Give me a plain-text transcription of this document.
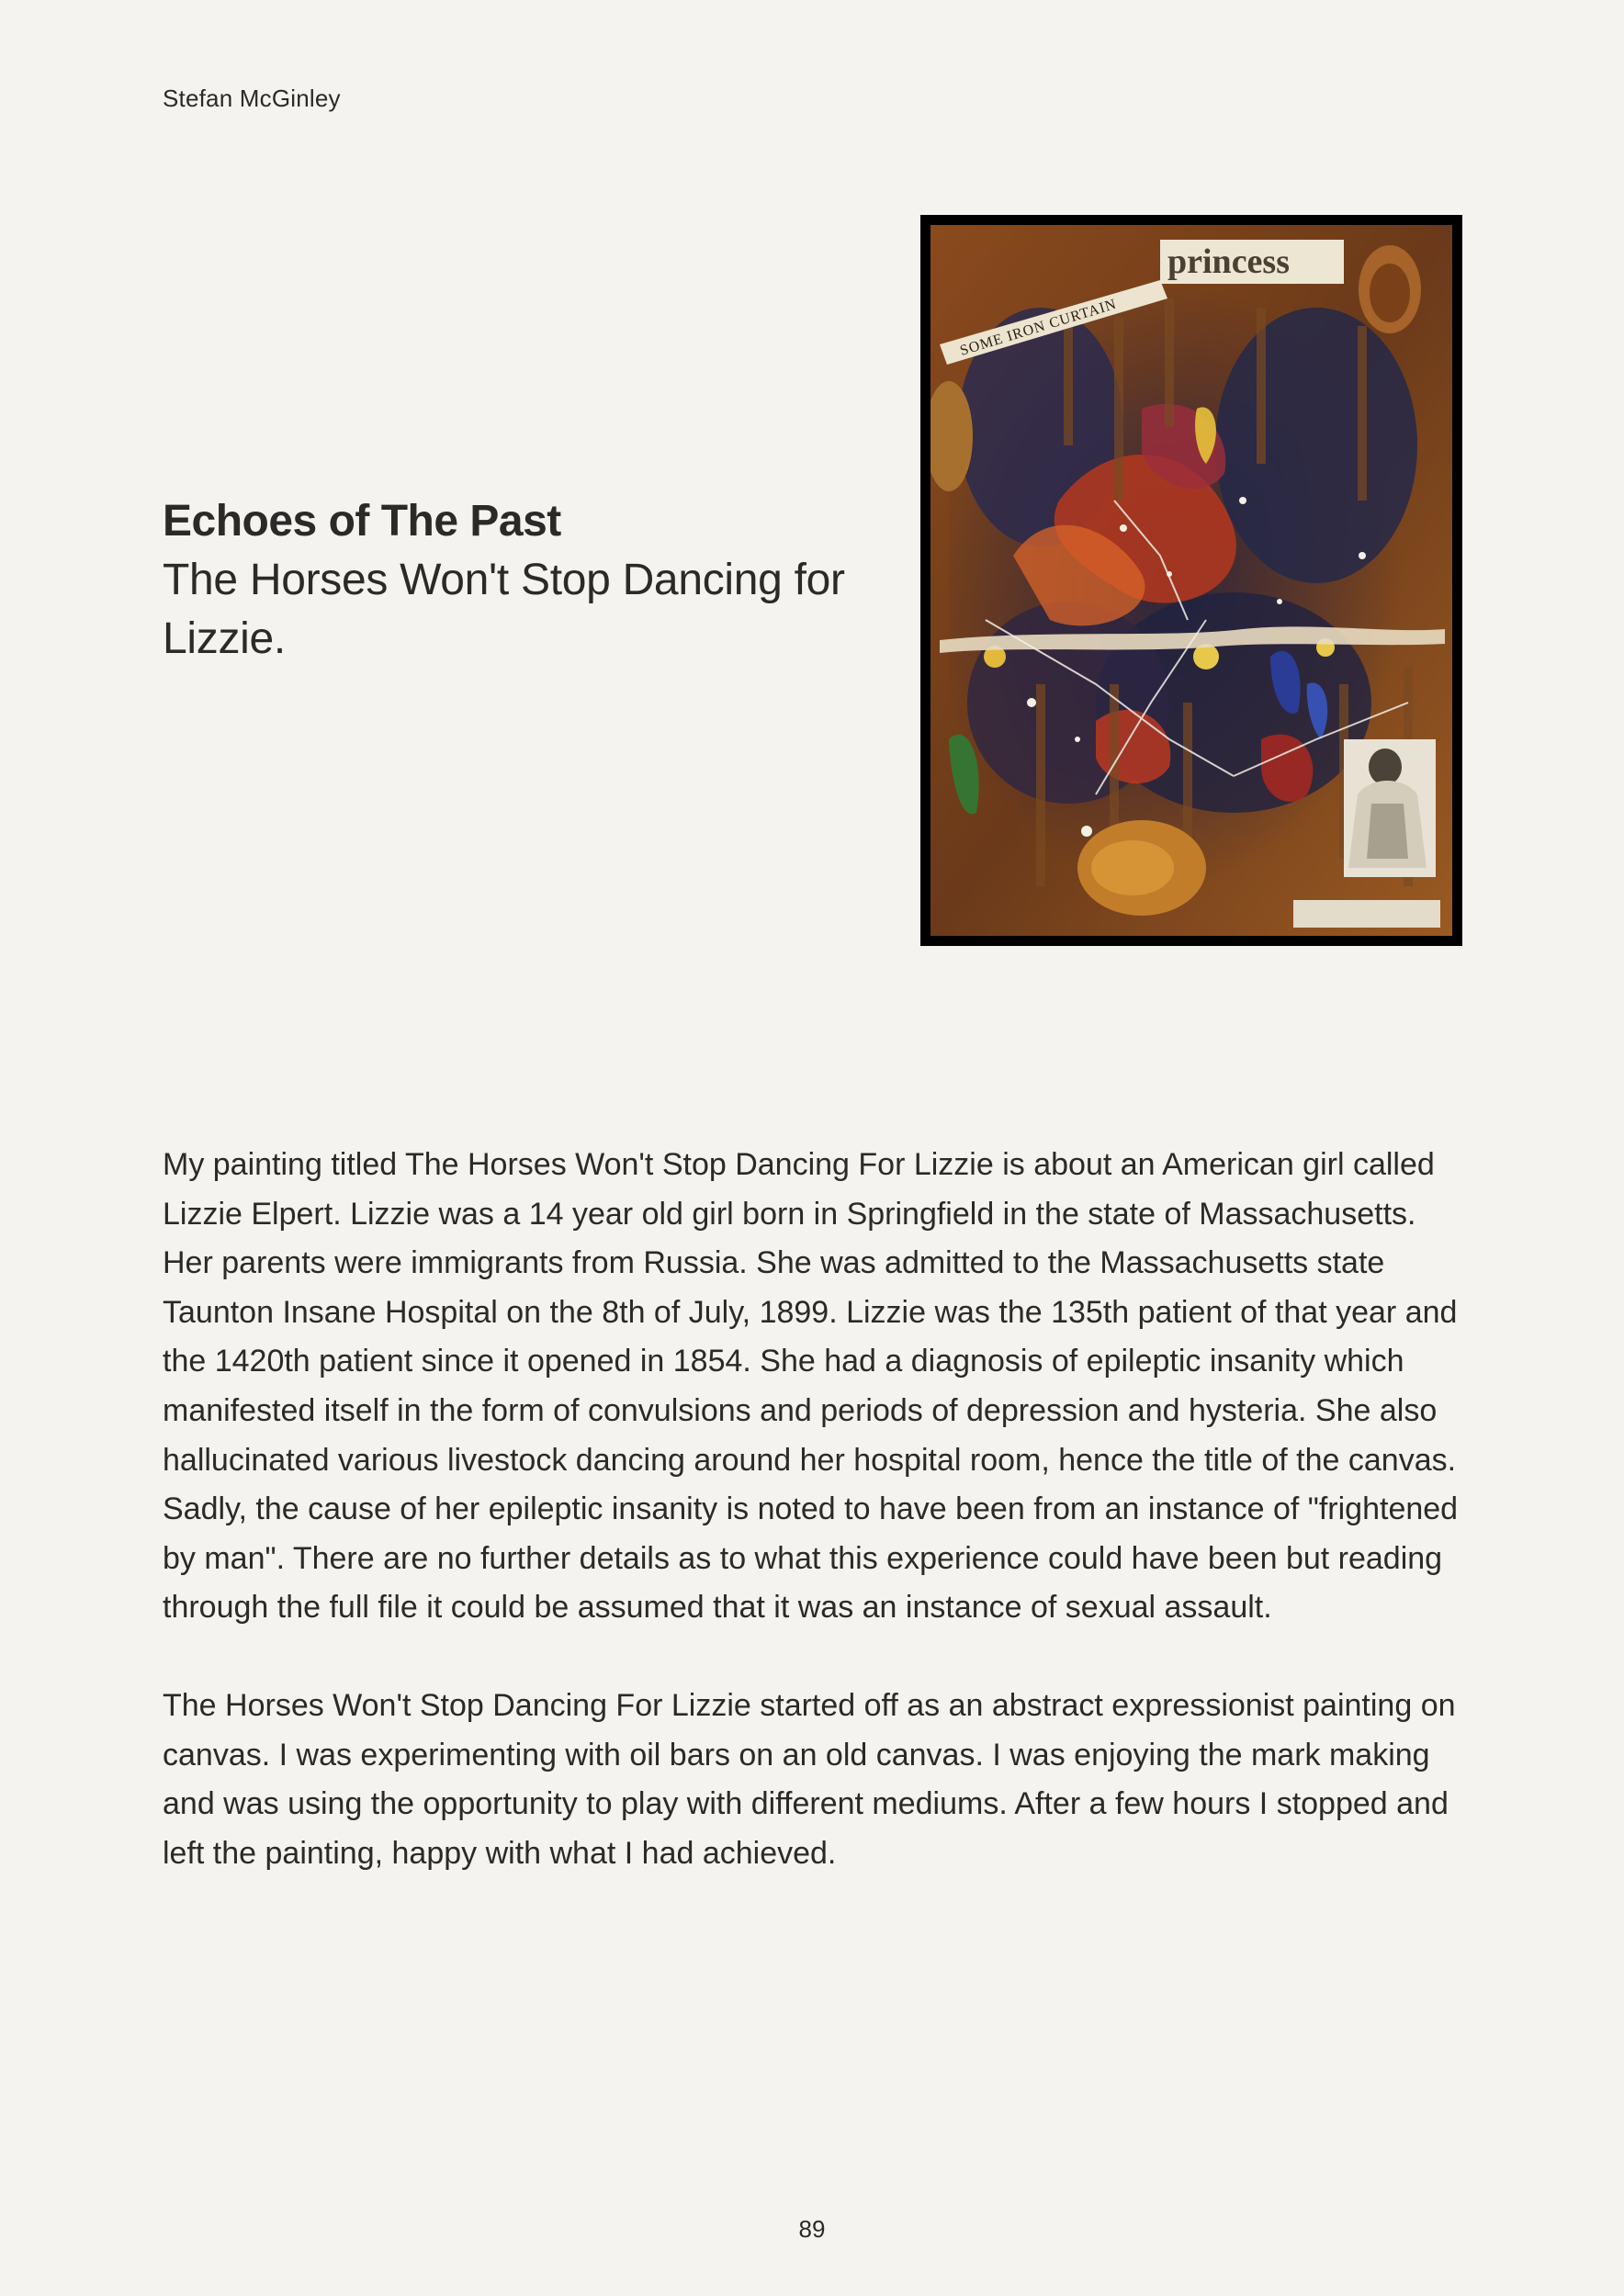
Stefan McGinley
Echoes of The Past
The Horses Won't Stop Dancing for Lizzie.
SOME IRON CURTAIN
princess

My painting titled The Horses Won't Stop Dancing For Lizzie is about an American girl called Lizzie Elpert. Lizzie was a 14 year old girl born in Springfield in the state of Massachusetts. Her parents were immigrants from Russia. She was admitted to the Massachusetts state Taunton Insane Hospital on the 8th of July, 1899. Lizzie was the 135th patient of that year and the 1420th patient since it opened in 1854. She had a diagnosis of epileptic insanity which manifested itself in the form of convulsions and periods of depression and hysteria. She also hallucinated various livestock dancing around her hospital room, hence the title of the canvas. Sadly, the cause of her epileptic insanity is noted to have been from an instance of "frightened by man". There are no further details as to what this experience could have been but reading through the full file it could be assumed that it was an instance of sexual assault.

The Horses Won't Stop Dancing For Lizzie started off as an abstract expressionist painting on canvas. I was experimenting with oil bars on an old canvas. I was enjoying the mark making and was using the opportunity to play with different mediums. After a few hours I stopped and left the painting, happy with what I had achieved.

89
